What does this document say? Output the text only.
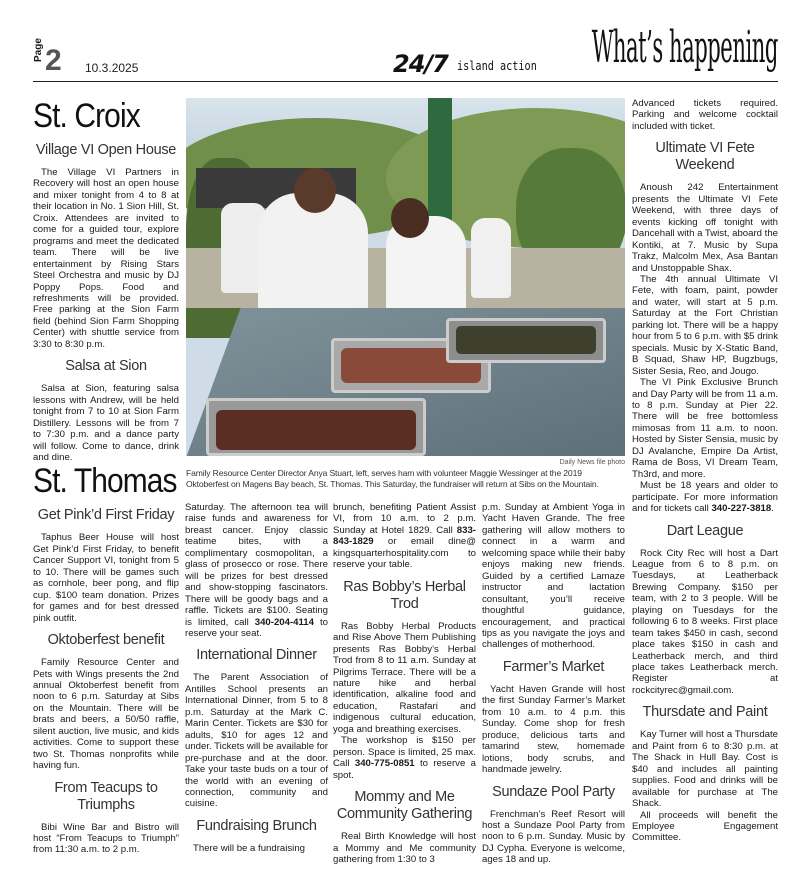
Page 2 10.3.2025	24/7 island action What’s happening
Daily News file photo
Family Resource Center Director Anya Stuart, left, serves ham with volunteer Maggie Wessinger at the 2019 Oktoberfest on Magens Bay beach, St. Thomas. This Saturday, the fundraiser will return at Sibs on the Mountain.
St. Croix
Village VI Open House
The Village VI Partners in Recovery will host an open house and mixer tonight from 4 to 8 at their location in No. 1 Sion Hill, St. Croix. Attendees are invited to come for a guided tour, explore programs and meet the dedicated team. There will be live entertainment by Rising Stars Steel Orchestra and music by DJ Poppy Pops. Food and refreshments will be provided. Free parking at the Sion Farm field (behind Sion Farm Shopping Center) with shuttle service from 3:30 to 8:30 p.m.
Salsa at Sion
Salsa at Sion, featuring salsa lessons with Andrew, will be held tonight from 7 to 10 at Sion Farm Distillery. Lessons will be from 7 to 7:30 p.m. and a dance party will follow. Come to dance, drink and dine.
St. Thomas
Get Pink’d First Friday
Taphus Beer House will host Get Pink’d First Friday, to benefit Cancer Support VI, tonight from 5 to 10. There will be games such as cornhole, beer pong, and flip cup. $100 team donation. Prizes for games and for best dressed pink outfit.
Oktoberfest benefit
Family Resource Center and Pets with Wings presents the 2nd annual Oktoberfest benefit from noon to 6 p.m. Saturday at Sibs on the Mountain. There will be brats and beers, a 50/50 raffle, silent auction, live music, and kids activities. Come to support these two St. Thomas nonprofits while having fun.
From Teacups to Triumphs
Bibi Wine Bar and Bistro will host “From Teacups to Triumph” from 11:30 a.m. to 2 p.m.
Saturday. The afternoon tea will raise funds and awareness for breast cancer. Enjoy classic teatime bites, with a complimentary cosmopolitan, a glass of prosecco or rose. There will be prizes for best dressed and show-stopping fascinators. There will be goody bags and a raffle. Tickets are $100. Seating is limited, call 340-204-4114 to reserve your seat.
International Dinner
The Parent Association of Antilles School presents an International Dinner, from 5 to 8 p.m. Saturday at the Mark C. Marin Center. Tickets are $30 for adults, $10 for ages 12 and under. Tickets will be available for pre-purchase and at the door. Take your taste buds on a tour of the world with an evening of connection, community and cuisine.
Fundraising Brunch
There will be a fundraising
brunch, benefiting Patient Assist VI, from 10 a.m. to 2 p.m. Sunday at Hotel 1829. Call 833-843-1829 or email dine@ kingsquarterhospitality.com to reserve your table.
Ras Bobby’s Herbal Trod
Ras Bobby Herbal Products and Rise Above Them Publishing presents Ras Bobby’s Herbal Trod from 8 to 11 a.m. Sunday at Pilgrims Terrace. There will be a nature hike and herbal identification, alkaline food and education, Rastafari and indigenous cultural education, yoga and breathing exercises.
The workshop is $150 per person. Space is limited, 25 max. Call 340-775-0851 to reserve a spot.
Mommy and Me Community Gathering
Real Birth Knowledge will host a Mommy and Me community gathering from 1:30 to 3
p.m. Sunday at Ambient Yoga in Yacht Haven Grande. The free gathering will allow mothers to connect in a warm and welcoming space while their baby enjoys making new friends. Guided by a certified Lamaze instructor and lactation consultant, you’ll receive thoughtful guidance, encouragement, and practical tips as you navigate the joys and challenges of motherhood.
Farmer’s Market
Yacht Haven Grande will host the first Sunday Farmer’s Market from 10 a.m. to 4 p.m. this Sunday. Come shop for fresh produce, delicious tarts and tamarind stew, homemade lotions, body scrubs, and handmade jewelry.
Sundaze Pool Party
Frenchman’s Reef Resort will host a Sundaze Pool Party from noon to 6 p.m. Sunday. Music by DJ Cypha. Everyone is welcome, ages 18 and up.
Advanced tickets required. Parking and welcome cocktail included with ticket.
Ultimate VI Fete Weekend
Anoush 242 Entertainment presents the Ultimate VI Fete Weekend, with three days of events kicking off tonight with Dancehall with a Twist, aboard the Kontiki, at 7. Music by Supa Trakz, Malcolm Mex, Asa Bantan and Unstoppable Shax.
The 4th annual Ultimate VI Fete, with foam, paint, powder and water, will start at 5 p.m. Saturday at the Fort Christian parking lot. There will be a happy hour from 5 to 6 p.m. with $5 drink specials. Music by X-Static Band, B Squad, Shaw HP, Bugzbugs, Sister Sesia, Reo, and Jougo.
The VI Pink Exclusive Brunch and Day Party will be from 11 a.m. to 8 p.m. Sunday at Pier 22. There will be free bottomless mimosas from 11 a.m. to noon. Hosted by Sister Sensia, music by DJ Avalanche, Empire Da Artist, Rama de Boss, VI Dream Team, Th3rd, and more.
Must be 18 years and older to participate. For more information and for tickets call 340-227-3818.
Dart League
Rock City Rec will host a Dart League from 6 to 8 p.m. on Tuesdays, at Leatherback Brewing Company. $150 per team, with 2 to 3 people. Will be playing on Tuesdays for the following 6 to 8 weeks. First place team takes $450 in cash, second place takes $150 in cash and Leatherback merch, and third place takes Leatherback merch. Register at rockcityrec@gmail.com.
Thursdate and Paint
Kay Turner will host a Thursdate and Paint from 6 to 8:30 p.m. at The Shack in Hull Bay. Cost is $40 and includes all painting supplies. Food and drinks will be available for purchase at The Shack.
All proceeds will benefit the Employee Engagement Committee.
